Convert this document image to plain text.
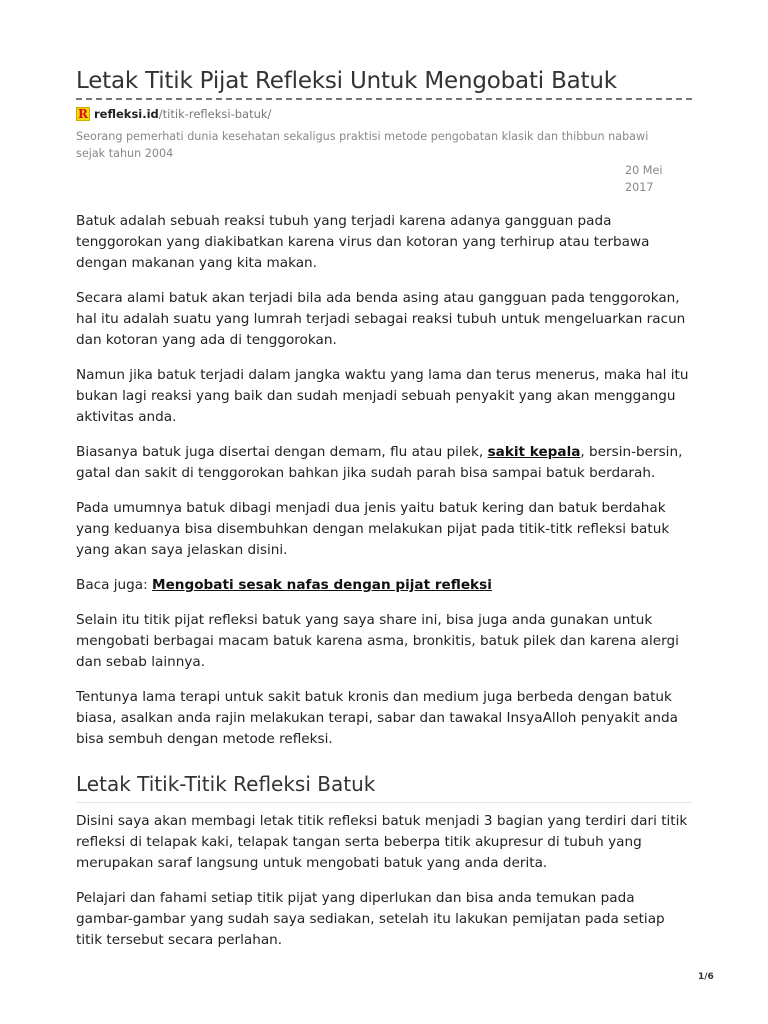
Letak Titik Pijat Refleksi Untuk Mengobati Batuk
R refleksi.id/titik-refleksi-batuk/
Seorang pemerhati dunia kesehatan sekaligus praktisi metode pengobatan klasik dan thibbun nabawi sejak tahun 2004
20 Mei
2017

Batuk adalah sebuah reaksi tubuh yang terjadi karena adanya gangguan pada tenggorokan yang diakibatkan karena virus dan kotoran yang terhirup atau terbawa dengan makanan yang kita makan.

Secara alami batuk akan terjadi bila ada benda asing atau gangguan pada tenggorokan, hal itu adalah suatu yang lumrah terjadi sebagai reaksi tubuh untuk mengeluarkan racun dan kotoran yang ada di tenggorokan.

Namun jika batuk terjadi dalam jangka waktu yang lama dan terus menerus, maka hal itu bukan lagi reaksi yang baik dan sudah menjadi sebuah penyakit yang akan menggangu aktivitas anda.

Biasanya batuk juga disertai dengan demam, flu atau pilek, sakit kepala, bersin-bersin, gatal dan sakit di tenggorokan bahkan jika sudah parah bisa sampai batuk berdarah.

Pada umumnya batuk dibagi menjadi dua jenis yaitu batuk kering dan batuk berdahak yang keduanya bisa disembuhkan dengan melakukan pijat pada titik-titk refleksi batuk yang akan saya jelaskan disini.

Baca juga: Mengobati sesak nafas dengan pijat refleksi

Selain itu titik pijat refleksi batuk yang saya share ini, bisa juga anda gunakan untuk mengobati berbagai macam batuk karena asma, bronkitis, batuk pilek dan karena alergi dan sebab lainnya.

Tentunya lama terapi untuk sakit batuk kronis dan medium juga berbeda dengan batuk biasa, asalkan anda rajin melakukan terapi, sabar dan tawakal InsyaAlloh penyakit anda bisa sembuh dengan metode refleksi.

Letak Titik-Titik Refleksi Batuk

Disini saya akan membagi letak titik refleksi batuk menjadi 3 bagian yang terdiri dari titik refleksi di telapak kaki, telapak tangan serta beberpa titik akupresur di tubuh yang merupakan saraf langsung untuk mengobati batuk yang anda derita.

Pelajari dan fahami setiap titik pijat yang diperlukan dan bisa anda temukan pada gambar-gambar yang sudah saya sediakan, setelah itu lakukan pemijatan pada setiap titik tersebut secara perlahan.

1/6
